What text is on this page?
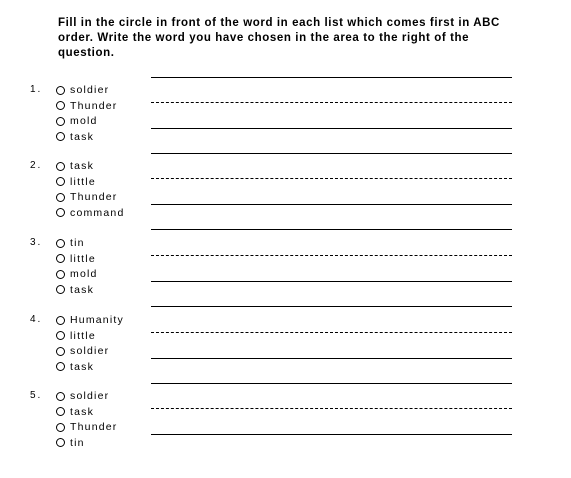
Fill in the circle in front of the word in each list which comes first in ABC
order. Write the word you have chosen in the area to the right of the
question.
1.	soldier
Thunder
mold
task
2.	task
little
Thunder
command
3.	tin
little
mold
task
4.	Humanity
little
soldier
task
5.	soldier
task
Thunder
tin
